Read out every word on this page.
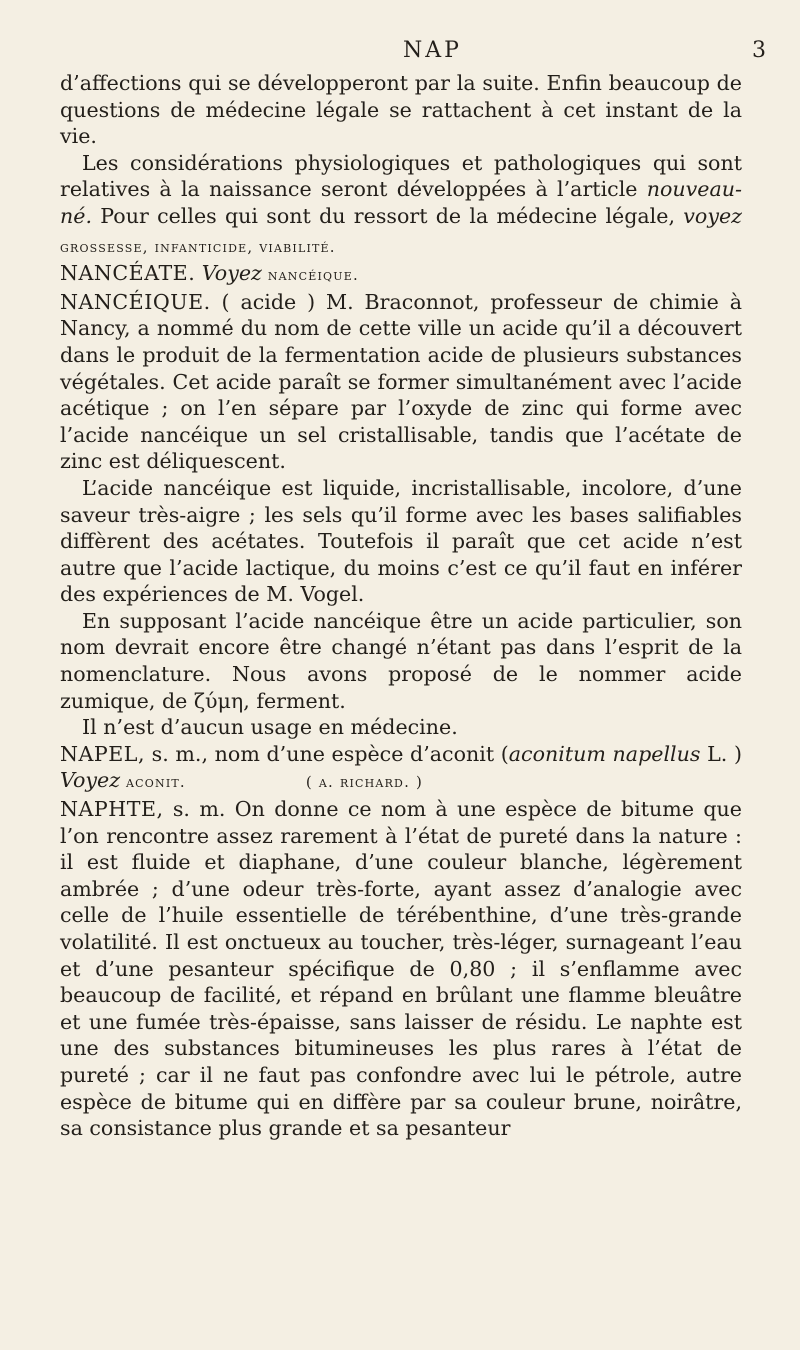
NAP	3

d’affections qui se développeront par la suite. Enfin beaucoup de questions de médecine légale se rattachent à cet instant de la vie.

Les considérations physiologiques et pathologiques qui sont relatives à la naissance seront développées à l’article nouveau-né. Pour celles qui sont du ressort de la médecine légale, voyez grossesse, infanticide, viabilité.

NANCÉATE. Voyez nancéique.

NANCÉIQUE. ( acide ) M. Braconnot, professeur de chimie à Nancy, a nommé du nom de cette ville un acide qu’il a découvert dans le produit de la fermentation acide de plusieurs substances végétales. Cet acide paraît se former simultanément avec l’acide acétique ; on l’en sépare par l’oxyde de zinc qui forme avec l’acide nancéique un sel cristallisable, tandis que l’acétate de zinc est déliquescent.

L’acide nancéique est liquide, incristallisable, incolore, d’une saveur très-aigre ; les sels qu’il forme avec les bases salifiables diffèrent des acétates. Toutefois il paraît que cet acide n’est autre que l’acide lactique, du moins c’est ce qu’il faut en inférer des expériences de M. Vogel.

En supposant l’acide nancéique être un acide particulier, son nom devrait encore être changé n’étant pas dans l’esprit de la nomenclature. Nous avons proposé de le nommer acide zumique, de ζύμη, ferment.

Il n’est d’aucun usage en médecine.

NAPEL, s. m., nom d’une espèce d’aconit (aconitum napellus L. ) Voyez aconit.	( a. richard. )

NAPHTE, s. m. On donne ce nom à une espèce de bitume que l’on rencontre assez rarement à l’état de pureté dans la nature : il est fluide et diaphane, d’une couleur blanche, légèrement ambrée ; d’une odeur très-forte, ayant assez d’analogie avec celle de l’huile essentielle de térébenthine, d’une très-grande volatilité. Il est onctueux au toucher, très-léger, surnageant l’eau et d’une pesanteur spécifique de 0,80 ; il s’enflamme avec beaucoup de facilité, et répand en brûlant une flamme bleuâtre et une fumée très-épaisse, sans laisser de résidu. Le naphte est une des substances bitumineuses les plus rares à l’état de pureté ; car il ne faut pas confondre avec lui le pétrole, autre espèce de bitume qui en diffère par sa couleur brune, noirâtre, sa consistance plus grande et sa pesanteur
